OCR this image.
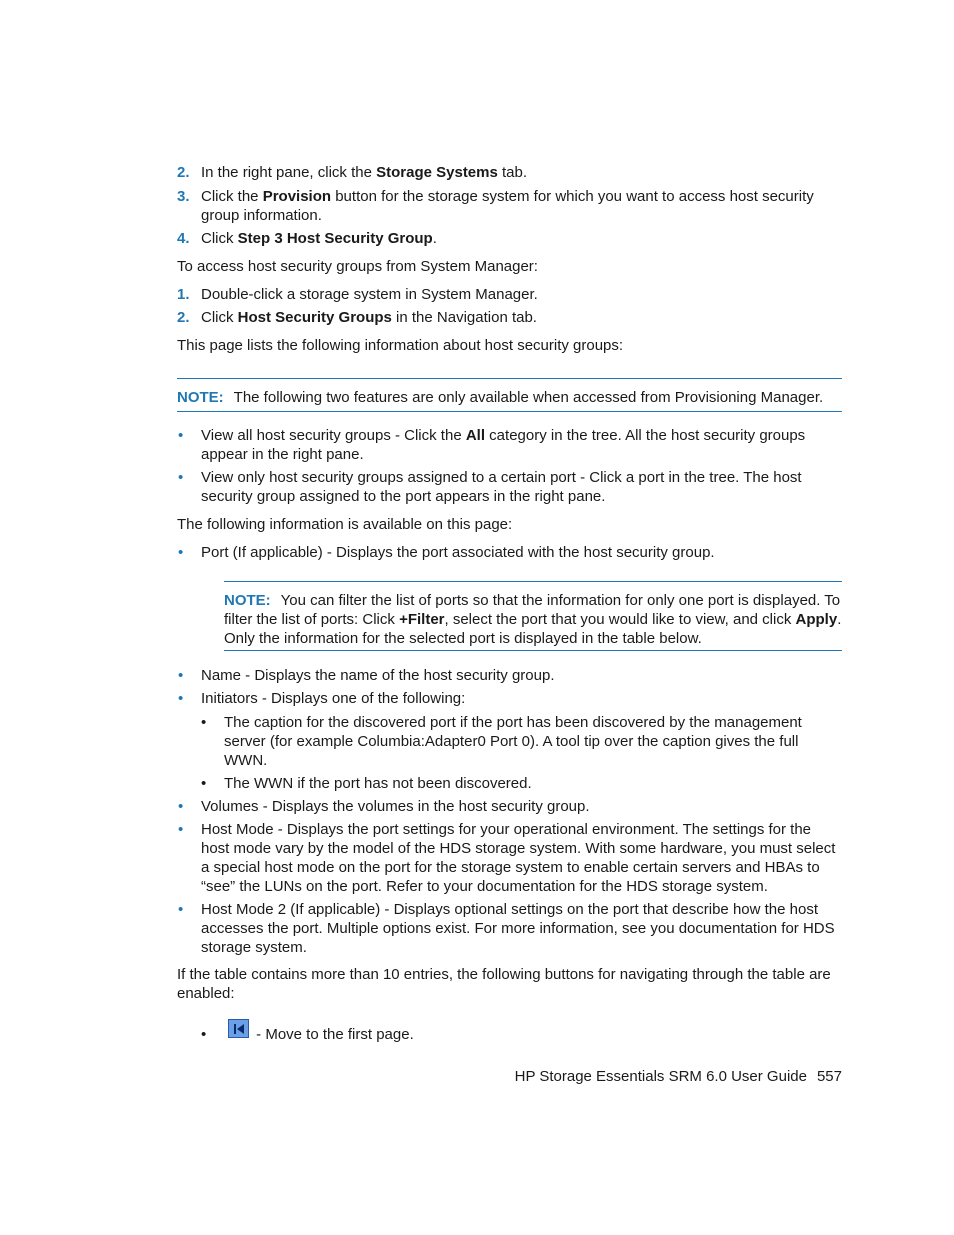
2. In the right pane, click the Storage Systems tab.
3. Click the Provision button for the storage system for which you want to access host security group information.
4. Click Step 3 Host Security Group.
To access host security groups from System Manager:
1. Double-click a storage system in System Manager.
2. Click Host Security Groups in the Navigation tab.
This page lists the following information about host security groups:
NOTE: The following two features are only available when accessed from Provisioning Manager.
• View all host security groups - Click the All category in the tree. All the host security groups appear in the right pane.
• View only host security groups assigned to a certain port - Click a port in the tree. The host security group assigned to the port appears in the right pane.
The following information is available on this page:
• Port (If applicable) - Displays the port associated with the host security group.
NOTE: You can filter the list of ports so that the information for only one port is displayed. To filter the list of ports: Click +Filter, select the port that you would like to view, and click Apply. Only the information for the selected port is displayed in the table below.
• Name - Displays the name of the host security group.
• Initiators - Displays one of the following:
• The caption for the discovered port if the port has been discovered by the management server (for example Columbia:Adapter0 Port 0). A tool tip over the caption gives the full WWN.
• The WWN if the port has not been discovered.
• Volumes - Displays the volumes in the host security group.
• Host Mode - Displays the port settings for your operational environment. The settings for the host mode vary by the model of the HDS storage system. With some hardware, you must select a special host mode on the port for the storage system to enable certain servers and HBAs to “see” the LUNs on the port. Refer to your documentation for the HDS storage system.
• Host Mode 2 (If applicable) - Displays optional settings on the port that describe how the host accesses the port. Multiple options exist. For more information, see you documentation for HDS storage system.
If the table contains more than 10 entries, the following buttons for navigating through the table are enabled:
•	- Move to the first page.
HP Storage Essentials SRM 6.0 User Guide 557
